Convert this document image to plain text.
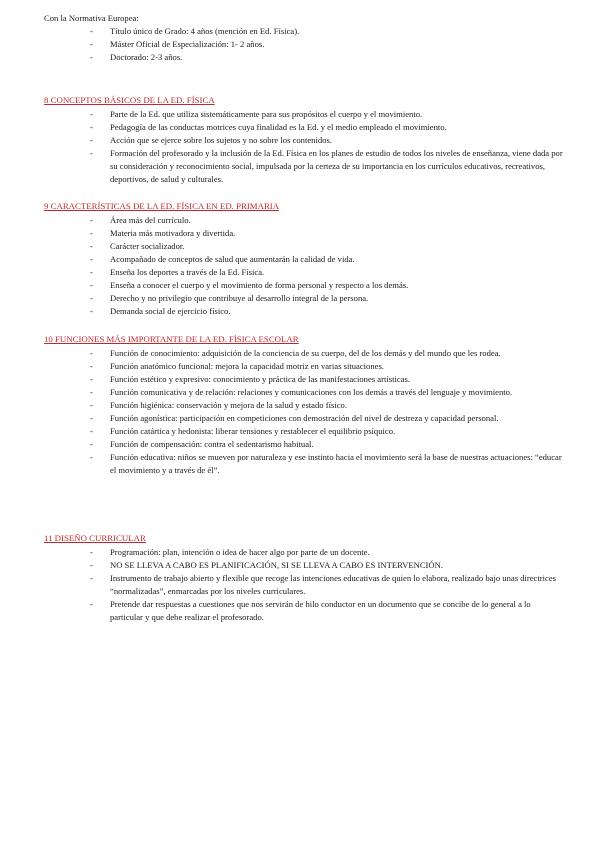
Con la Normativa Europea:

- Título único de Grado: 4 años (mención en Ed. Física).
- Máster Oficial de Especialización: 1- 2 años.
- Doctorado: 2-3 años.
8 CONCEPTOS BÁSICOS DE LA ED. FÍSICA
- Parte de la Ed. que utiliza sistemáticamente para sus propósitos el cuerpo y el movimiento.
- Pedagogía de las conductas motrices cuya finalidad es la Ed. y el medio empleado el movimiento.
- Acción que se ejerce sobre los sujetos y no sobre los contenidos.
- Formación del profesorado y la inclusión de la Ed. Física en los planes de estudio de todos los niveles de enseñanza, viene dada por su consideración y reconocimiento social, impulsada por la certeza de su importancia en los currículos educativos, recreativos, deportivos, de salud y culturales.
9 CARACTERÍSTICAS DE LA ED. FÍSICA EN ED. PRIMARIA
- Área más del currículo.
- Materia más motivadora y divertida.
- Carácter socializador.
- Acompañado de conceptos de salud que aumentarán la calidad de vida.
- Enseña los deportes a través de la Ed. Física.
- Enseña a conocer el cuerpo y el movimiento de forma personal y respecto a los demás.
- Derecho y no privilegio que contribuye al desarrollo integral de la persona.
- Demanda social de ejercicio físico.
10 FUNCIONES MÁS IMPORTANTE DE LA ED. FÍSICA ESCOLAR
- Función de conocimiento: adquisición de la conciencia de su cuerpo, del de los demás y del mundo que les rodea.
- Función anatómico funcional: mejora la capacidad motriz en varias situaciones.
- Función estético y expresivo: conocimiento y práctica de las manifestaciones artísticas.
- Función comunicativa y de relación: relaciones y comunicaciones con los demás a través del lenguaje y movimiento.
- Función higiénica: conservación y mejora de la salud y estado físico.
- Función agonística: participación en competiciones con demostración del nivel de destreza y capacidad personal.
- Función catártica y hedonista: liberar tensiones y restablecer el equilibrio psíquico.
- Función de compensación: contra el sedentarismo habitual.
- Función educativa: niños se mueven por naturaleza y ese instinto hacia el movimiento será la base de nuestras actuaciones: “educar el movimiento y a través de él”.
11 DISEÑO CURRICULAR
- Programación: plan, intención o idea de hacer algo por parte de un docente.
- NO SE LLEVA A CABO ES PLANIFICACIÓN, SI SE LLEVA A CABO ES INTERVENCIÓN.
- Instrumento de trabajo abierto y flexible que recoge las intenciones educativas de quien lo elabora, realizado bajo unas directrices “normalizadas”, enmarcadas por los niveles curriculares.
- Pretende dar respuestas a cuestiones que nos servirán de hilo conductor en un documento que se concibe de lo general a lo particular y que debe realizar el profesorado.
